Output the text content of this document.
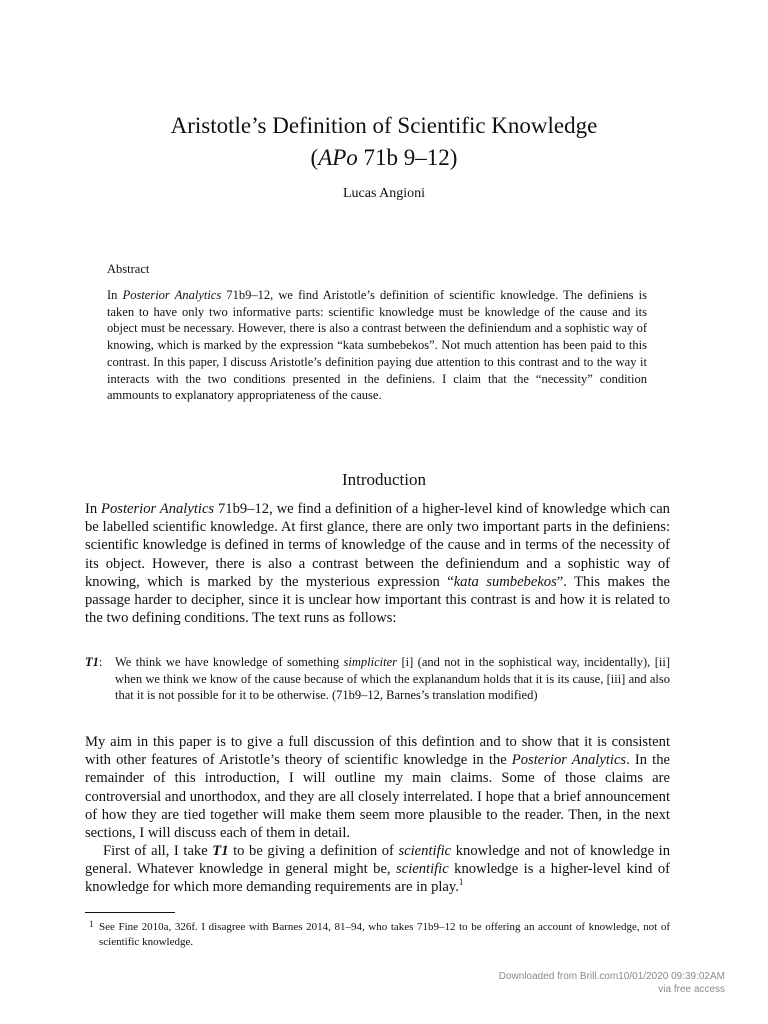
Aristotle’s Definition of Scientific Knowledge
(APo 71b 9–12)
Lucas Angioni
Abstract

In Posterior Analytics 71b9–12, we find Aristotle’s definition of scientific knowledge. The definiens is taken to have only two informative parts: scientific knowledge must be knowledge of the cause and its object must be necessary. However, there is also a contrast between the definiendum and a sophistic way of knowing, which is marked by the expression “kata sumbebekos”. Not much attention has been paid to this contrast. In this paper, I discuss Aristotle’s definition paying due attention to this contrast and to the way it interacts with the two conditions presented in the definiens. I claim that the “necessity” condition ammounts to explanatory appropriateness of the cause.

Introduction

In Posterior Analytics 71b9–12, we find a definition of a higher-level kind of knowledge which can be labelled scientific knowledge. At first glance, there are only two important parts in the definiens: scientific knowledge is defined in terms of knowledge of the cause and in terms of the necessity of its object. However, there is also a contrast between the definiendum and a sophistic way of knowing, which is marked by the mysterious expression “kata sumbebekos”. This makes the passage harder to decipher, since it is unclear how important this contrast is and how it is related to the two defining conditions. The text runs as follows:

T1: We think we have knowledge of something simpliciter [i] (and not in the sophistical way, incidentally), [ii] when we think we know of the cause because of which the explanandum holds that it is its cause, [iii] and also that it is not possible for it to be otherwise. (71b9–12, Barnes’s translation modified)

My aim in this paper is to give a full discussion of this defintion and to show that it is consistent with other features of Aristotle’s theory of scientific knowledge in the Posterior Analytics. In the remainder of this introduction, I will outline my main claims. Some of those claims are controversial and unorthodox, and they are all closely interrelated. I hope that a brief announcement of how they are tied together will make them seem more plausible to the reader. Then, in the next sections, I will discuss each of them in detail.

First of all, I take T1 to be giving a definition of scientific knowledge and not of knowledge in general. Whatever knowledge in general might be, scientific knowledge is a higher-level kind of knowledge for which more demanding requirements are in play.$^1$

1 See Fine 2010a, 326f. I disagree with Barnes 2014, 81–94, who takes 71b9–12 to be offering an account of knowledge, not of scientific knowledge.
Downloaded from Brill.com10/01/2020 09:39:02AM
via free access
